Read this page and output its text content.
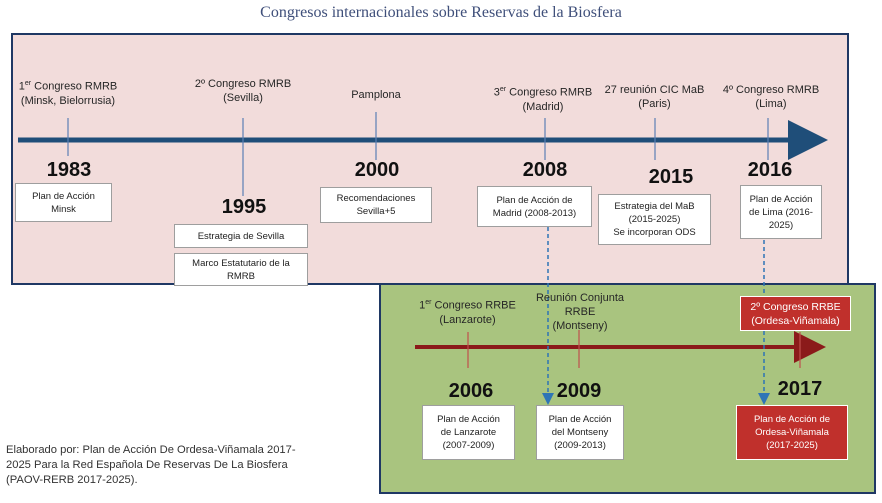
Congresos internacionales sobre Reservas de la Biosfera
1er Congreso RMRB
(Minsk, Bielorrusia)
1983
Plan de Acción
Minsk
2º Congreso RMRB
(Sevilla)
1995
Estrategia de Sevilla
Marco Estatutario de la
RMRB
Pamplona
2000
Recomendaciones
Sevilla+5
3er Congreso RMRB
(Madrid)
2008
Plan de Acción de
Madrid (2008-2013)
27 reunión CIC MaB
(Paris)
2015
Estrategia del MaB
(2015-2025)
Se incorporan ODS
4º Congreso RMRB
(Lima)
2016
Plan de Acción
de Lima (2016-
2025)
1er Congreso RRBE
(Lanzarote)
2006
Plan de Acción
de Lanzarote
(2007-2009)
Reunión Conjunta
RRBE
(Montseny)
2009
Plan de Acción
del Montseny
(2009-2013)
2º Congreso RRBE
(Ordesa-Viñamala)
2017
Plan de Acción de
Ordesa-Viñamala
(2017-2025)
Elaborado por: Plan de Acción De Ordesa-Viñamala 2017-
2025 Para la Red Española De Reservas De La Biosfera
(PAOV-RERB 2017-2025).
